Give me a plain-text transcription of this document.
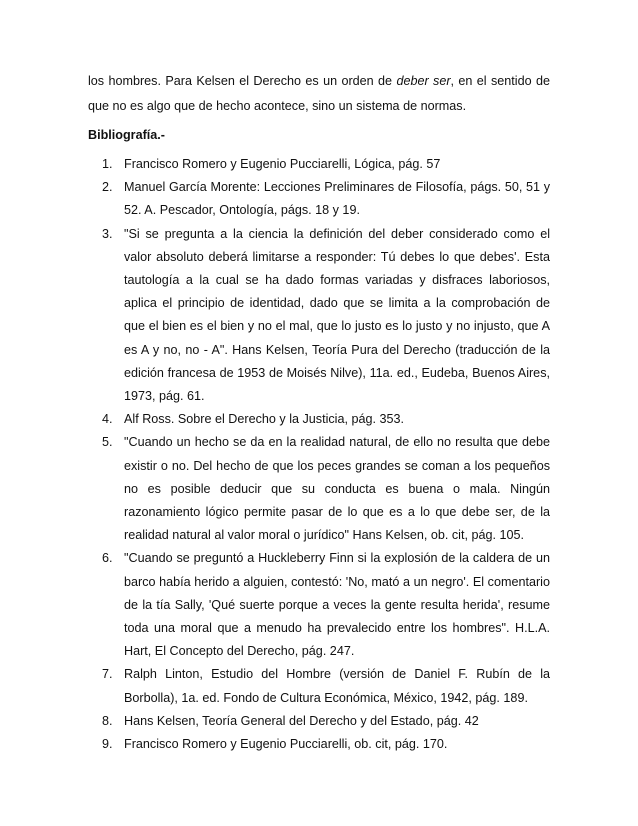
los hombres. Para Kelsen el Derecho es un orden de deber ser, en el sentido de que no es algo que de hecho acontece, sino un sistema de normas.

Bibliografía.-
1. Francisco Romero y Eugenio Pucciarelli, Lógica, pág. 57
2. Manuel García Morente: Lecciones Preliminares de Filosofía, págs. 50, 51 y 52. A. Pescador, Ontología, págs. 18 y 19.
3. "Si se pregunta a la ciencia la definición del deber considerado como el valor absoluto deberá limitarse a responder: Tú debes lo que debes'. Esta tautología a la cual se ha dado formas variadas y disfraces laboriosos, aplica el principio de identidad, dado que se limita a la comprobación de que el bien es el bien y no el mal, que lo justo es lo justo y no injusto, que A es A y no, no - A". Hans Kelsen, Teoría Pura del Derecho (traducción de la edición francesa de 1953 de Moisés Nilve), 11a. ed., Eudeba, Buenos Aires, 1973, pág. 61.
4. Alf Ross. Sobre el Derecho y la Justicia, pág. 353.
5. "Cuando un hecho se da en la realidad natural, de ello no resulta que debe existir o no. Del hecho de que los peces grandes se coman a los pequeños no es posible deducir que su conducta es buena o mala. Ningún razonamiento lógico permite pasar de lo que es a lo que debe ser, de la realidad natural al valor moral o jurídico" Hans Kelsen, ob. cit, pág. 105.
6. "Cuando se preguntó a Huckleberry Finn si la explosión de la caldera de un barco había herido a alguien, contestó: 'No, mató a un negro'. El comentario de la tía Sally, 'Qué suerte porque a veces la gente resulta herida', resume toda una moral que a menudo ha prevalecido entre los hombres". H.L.A. Hart, El Concepto del Derecho, pág. 247.
7. Ralph Linton, Estudio del Hombre (versión de Daniel F. Rubín de la Borbolla), 1a. ed. Fondo de Cultura Económica, México, 1942, pág. 189.
8. Hans Kelsen, Teoría General del Derecho y del Estado, pág. 42
9. Francisco Romero y Eugenio Pucciarelli, ob. cit, pág. 170.
